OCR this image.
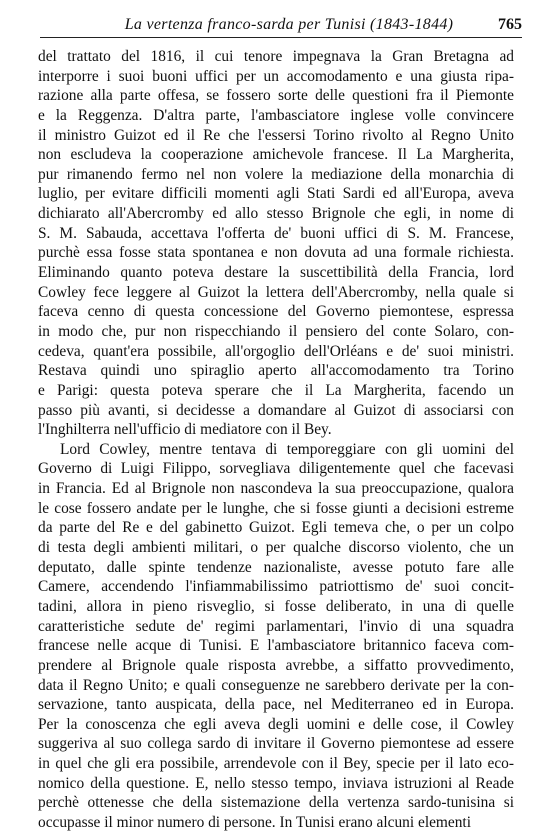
La vertenza franco-sarda per Tunisi (1843-1844)	765
del trattato del 1816, il cui tenore impegnava la Gran Bretagna ad
interporre i suoi buoni uffici per un accomodamento e una giusta ripa-
razione alla parte offesa, se fossero sorte delle questioni fra il Piemonte
e la Reggenza. D'altra parte, l'ambasciatore inglese volle convincere
il ministro Guizot ed il Re che l'essersi Torino rivolto al Regno Unito
non escludeva la cooperazione amichevole francese. Il La Margherita,
pur rimanendo fermo nel non volere la mediazione della monarchia di
luglio, per evitare difficili momenti agli Stati Sardi ed all'Europa, aveva
dichiarato all'Abercromby ed allo stesso Brignole che egli, in nome di
S. M. Sabauda, accettava l'offerta de' buoni uffici di S. M. Francese,
purchè essa fosse stata spontanea e non dovuta ad una formale richiesta.
Eliminando quanto poteva destare la suscettibilità della Francia, lord
Cowley fece leggere al Guizot la lettera dell'Abercromby, nella quale si
faceva cenno di questa concessione del Governo piemontese, espressa
in modo che, pur non rispecchiando il pensiero del conte Solaro, con-
cedeva, quant'era possibile, all'orgoglio dell'Orléans e de' suoi ministri.
Restava quindi uno spiraglio aperto all'accomodamento tra Torino
e Parigi: questa poteva sperare che il La Margherita, facendo un
passo più avanti, si decidesse a domandare al Guizot di associarsi con
l'Inghilterra nell'ufficio di mediatore con il Bey.
Lord Cowley, mentre tentava di temporeggiare con gli uomini del
Governo di Luigi Filippo, sorvegliava diligentemente quel che facevasi
in Francia. Ed al Brignole non nascondeva la sua preoccupazione, qualora
le cose fossero andate per le lunghe, che si fosse giunti a decisioni estreme
da parte del Re e del gabinetto Guizot. Egli temeva che, o per un colpo
di testa degli ambienti militari, o per qualche discorso violento, che un
deputato, dalle spinte tendenze nazionaliste, avesse potuto fare alle
Camere, accendendo l'infiammabilissimo patriottismo de' suoi concit-
tadini, allora in pieno risveglio, si fosse deliberato, in una di quelle
caratteristiche sedute de' regimi parlamentari, l'invio di una squadra
francese nelle acque di Tunisi. E l'ambasciatore britannico faceva com-
prendere al Brignole quale risposta avrebbe, a siffatto provvedimento,
data il Regno Unito; e quali conseguenze ne sarebbero derivate per la con-
servazione, tanto auspicata, della pace, nel Mediterraneo ed in Europa.
Per la conoscenza che egli aveva degli uomini e delle cose, il Cowley
suggeriva al suo collega sardo di invitare il Governo piemontese ad essere
in quel che gli era possibile, arrendevole con il Bey, specie per il lato eco-
nomico della questione. E, nello stesso tempo, inviava istruzioni al Reade
perchè ottenesse che della sistemazione della vertenza sardo-tunisina si
occupasse il minor numero di persone. In Tunisi erano alcuni elementi
